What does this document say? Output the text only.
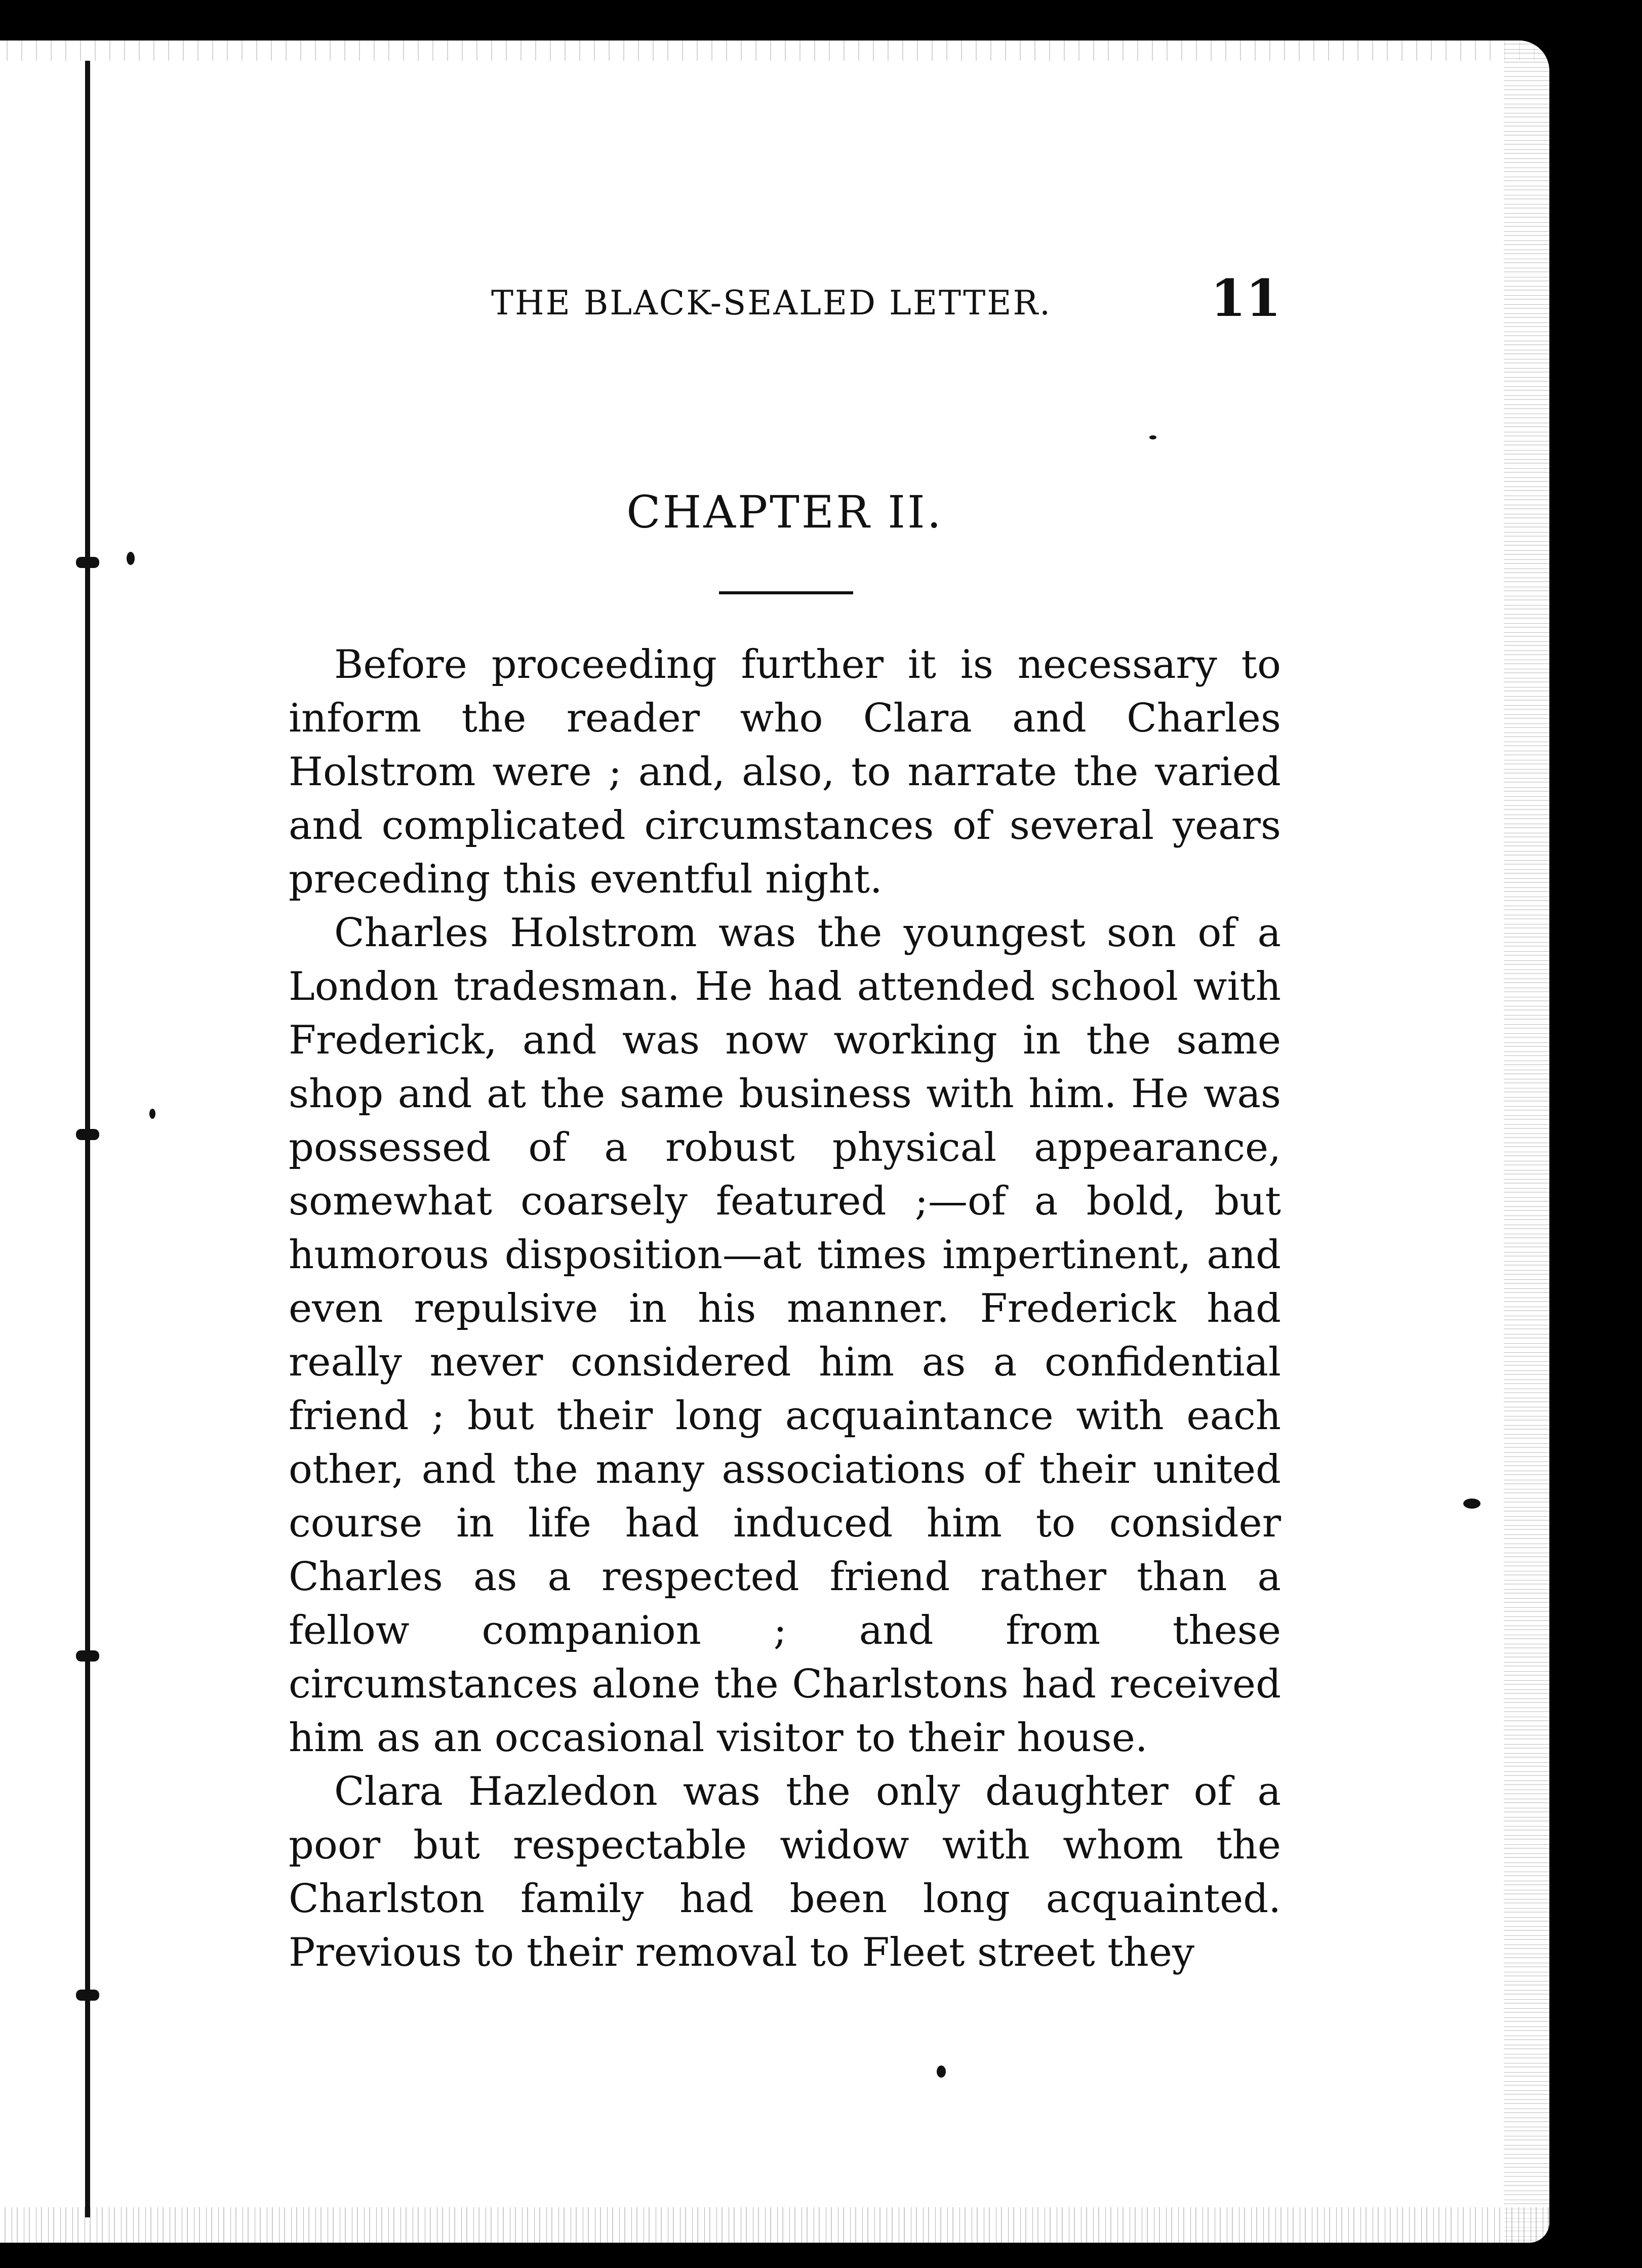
THE BLACK-SEALED LETTER.	11
CHAPTER II.

Before proceeding further it is necessary to inform the reader who Clara and Charles Holstrom were ; and, also, to narrate the varied and complicated circumstances of several years preceding this eventful night.

Charles Holstrom was the youngest son of a London tradesman. He had attended school with Frederick, and was now working in the same shop and at the same business with him. He was possessed of a robust physical appearance, somewhat coarsely featured ;—of a bold, but humorous disposition—at times impertinent, and even repulsive in his manner. Frederick had really never considered him as a confidential friend ; but their long acquaintance with each other, and the many associations of their united course in life had induced him to consider Charles as a respected friend rather than a fellow companion ; and from these circumstances alone the Charlstons had received him as an occasional visitor to their house.

Clara Hazledon was the only daughter of a poor but respectable widow with whom the Charlston family had been long acquainted. Previous to their removal to Fleet street they
